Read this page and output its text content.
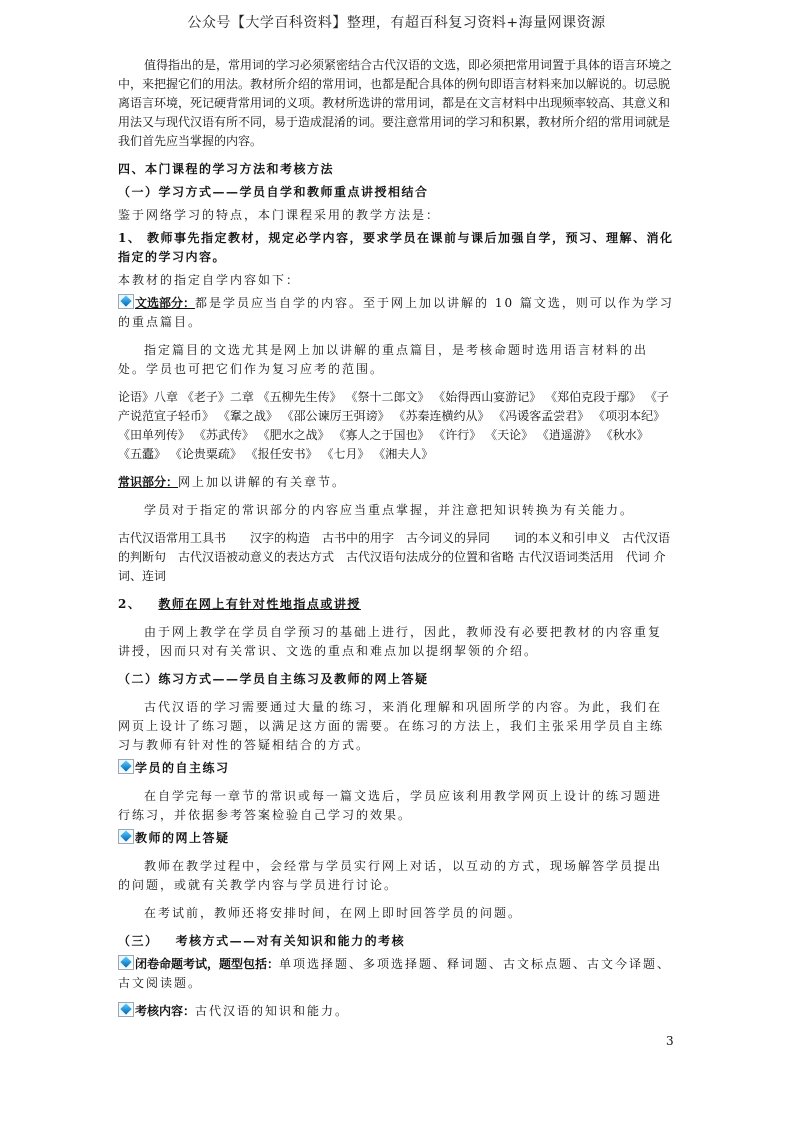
公众号【大学百科资料】整理，有超百科复习资料+海量网课资源

值得指出的是，常用词的学习必须紧密结合古代汉语的文选，即必须把常用词置于具体的语言环境之中，来把握它们的用法。教材所介绍的常用词，也都是配合具体的例句即语言材料来加以解说的。切忌脱离语言环境，死记硬背常用词的义项。教材所选讲的常用词，都是在文言材料中出现频率较高、其意义和用法又与现代汉语有所不同，易于造成混淆的词。要注意常用词的学习和积累，教材所介绍的常用词就是我们首先应当掌握的内容。

四、本门课程的学习方法和考核方法

（一）学习方式——学员自学和教师重点讲授相结合

鉴于网络学习的特点，本门课程采用的教学方法是：

1、 教师事先指定教材，规定必学内容，要求学员在课前与课后加强自学，预习、理解、消化指定的学习内容。

本教材的指定自学内容如下：

文选部分：都是学员应当自学的内容。至于网上加以讲解的 10 篇文选，则可以作为学习的重点篇目。

指定篇目的文选尤其是网上加以讲解的重点篇目，是考核命题时选用语言材料的出处。学员也可把它们作为复习应考的范围。

论语》八章 《老子》二章 《五柳先生传》 《祭十二郎文》 《始得西山宴游记》 《郑伯克段于鄢》 《子产说范宣子轻币》 《鞌之战》 《邵公谏厉王弭谤》 《苏秦连横约从》 《冯谖客孟尝君》 《项羽本纪》 《田单列传》 《苏武传》 《肥水之战》 《寡人之于国也》 《许行》 《天论》 《逍遥游》 《秋水》 《五蠹》 《论贵粟疏》 《报任安书》 《七月》 《湘夫人》

常识部分：网上加以讲解的有关章节。

学员对于指定的常识部分的内容应当重点掌握，并注意把知识转换为有关能力。

古代汉语常用工具书　　汉字的构造　古书中的用字　古今词义的异同　　词的本义和引申义　古代汉语的判断句　古代汉语被动意义的表达方式　古代汉语句法成分的位置和省略 古代汉语词类活用　代词 介词、连词

2、 教师在网上有针对性地指点或讲授

由于网上教学在学员自学预习的基础上进行，因此，教师没有必要把教材的内容重复讲授，因而只对有关常识、文选的重点和难点加以提纲挈领的介绍。

（二）练习方式——学员自主练习及教师的网上答疑

古代汉语的学习需要通过大量的练习，来消化理解和巩固所学的内容。为此，我们在网页上设计了练习题，以满足这方面的需要。在练习的方法上，我们主张采用学员自主练习与教师有针对性的答疑相结合的方式。

学员的自主练习

在自学完每一章节的常识或每一篇文选后，学员应该利用教学网页上设计的练习题进行练习，并依据参考答案检验自己学习的效果。

教师的网上答疑

教师在教学过程中，会经常与学员实行网上对话，以互动的方式，现场解答学员提出的问题，或就有关教学内容与学员进行讨论。

在考试前，教师还将安排时间，在网上即时回答学员的问题。

（三） 考核方式——对有关知识和能力的考核

闭卷命题考试，题型包括：单项选择题、多项选择题、释词题、古文标点题、古文今译题、古文阅读题。

考核内容：古代汉语的知识和能力。

3
